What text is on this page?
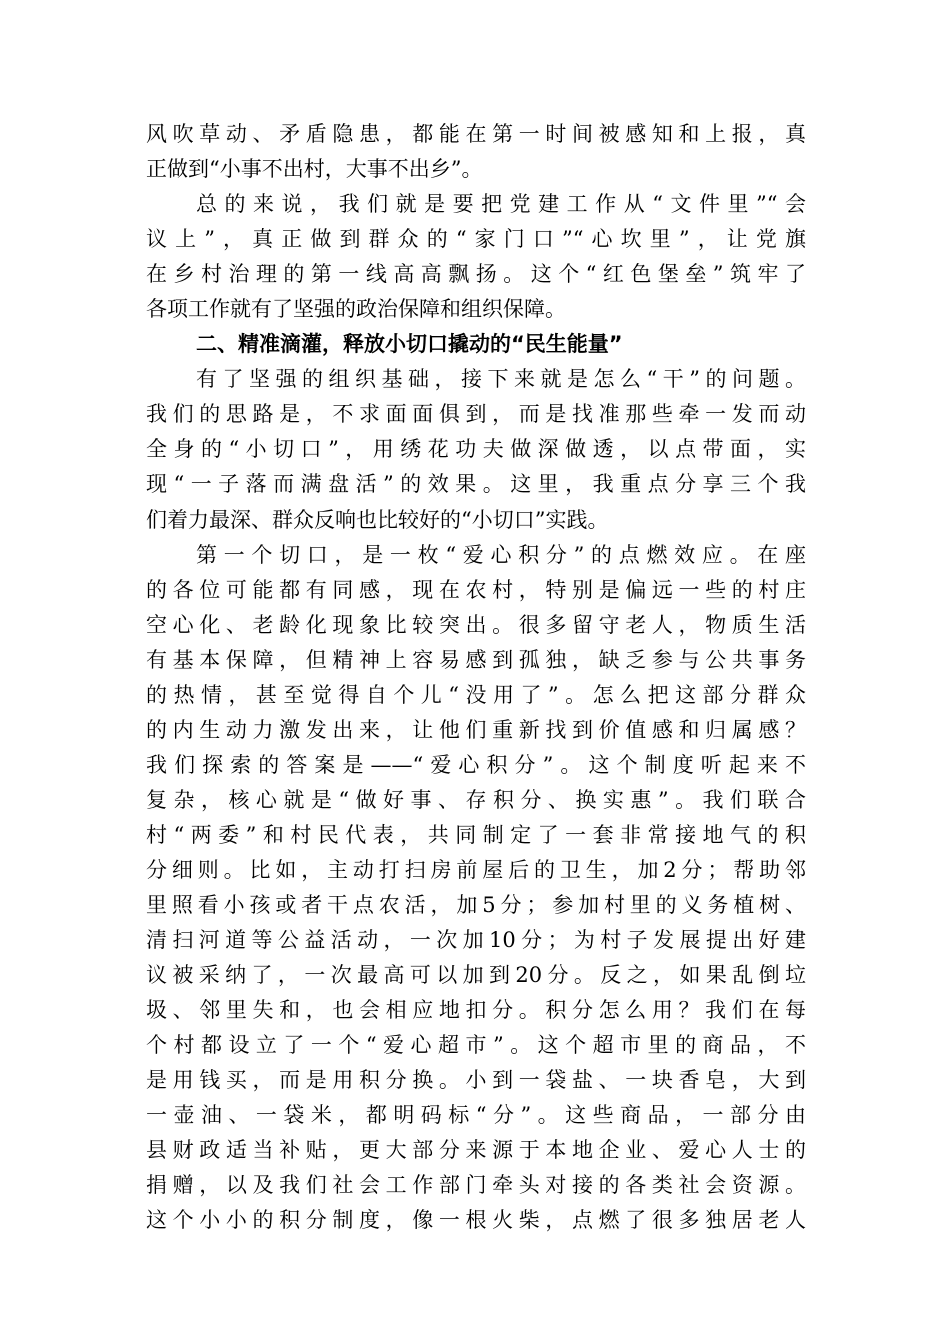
风吹草动、矛盾隐患，都能在第一时间被感知和上报，真
正做到“小事不出村，大事不出乡”。
总的来说，我们就是要把党建工作从“文件里”“会
议上”，真正做到群众的“家门口”“心坎里”，让党旗
在乡村治理的第一线高高飘扬。这个“红色堡垒”筑牢了
各项工作就有了坚强的政治保障和组织保障。
二、精准滴灌，释放小切口撬动的“民生能量”
有了坚强的组织基础，接下来就是怎么“干”的问题。
我们的思路是，不求面面俱到，而是找准那些牵一发而动
全身的“小切口”，用绣花功夫做深做透，以点带面，实
现“一子落而满盘活”的效果。这里，我重点分享三个我
们着力最深、群众反响也比较好的“小切口”实践。
第一个切口，是一枚“爱心积分”的点燃效应。在座
的各位可能都有同感，现在农村，特别是偏远一些的村庄
空心化、老龄化现象比较突出。很多留守老人，物质生活
有基本保障，但精神上容易感到孤独，缺乏参与公共事务
的热情，甚至觉得自个儿“没用了”。怎么把这部分群众
的内生动力激发出来，让他们重新找到价值感和归属感？
我们探索的答案是——“爱心积分”。这个制度听起来不
复杂，核心就是“做好事、存积分、换实惠”。我们联合
村“两委”和村民代表，共同制定了一套非常接地气的积
分细则。比如，主动打扫房前屋后的卫生，加2分；帮助邻
里照看小孩或者干点农活，加5分；参加村里的义务植树、
清扫河道等公益活动，一次加10分；为村子发展提出好建
议被采纳了，一次最高可以加到20分。反之，如果乱倒垃
圾、邻里失和，也会相应地扣分。积分怎么用？我们在每
个村都设立了一个“爱心超市”。这个超市里的商品，不
是用钱买，而是用积分换。小到一袋盐、一块香皂，大到
一壶油、一袋米，都明码标“分”。这些商品，一部分由
县财政适当补贴，更大部分来源于本地企业、爱心人士的
捐赠，以及我们社会工作部门牵头对接的各类社会资源。
这个小小的积分制度，像一根火柴，点燃了很多独居老人
